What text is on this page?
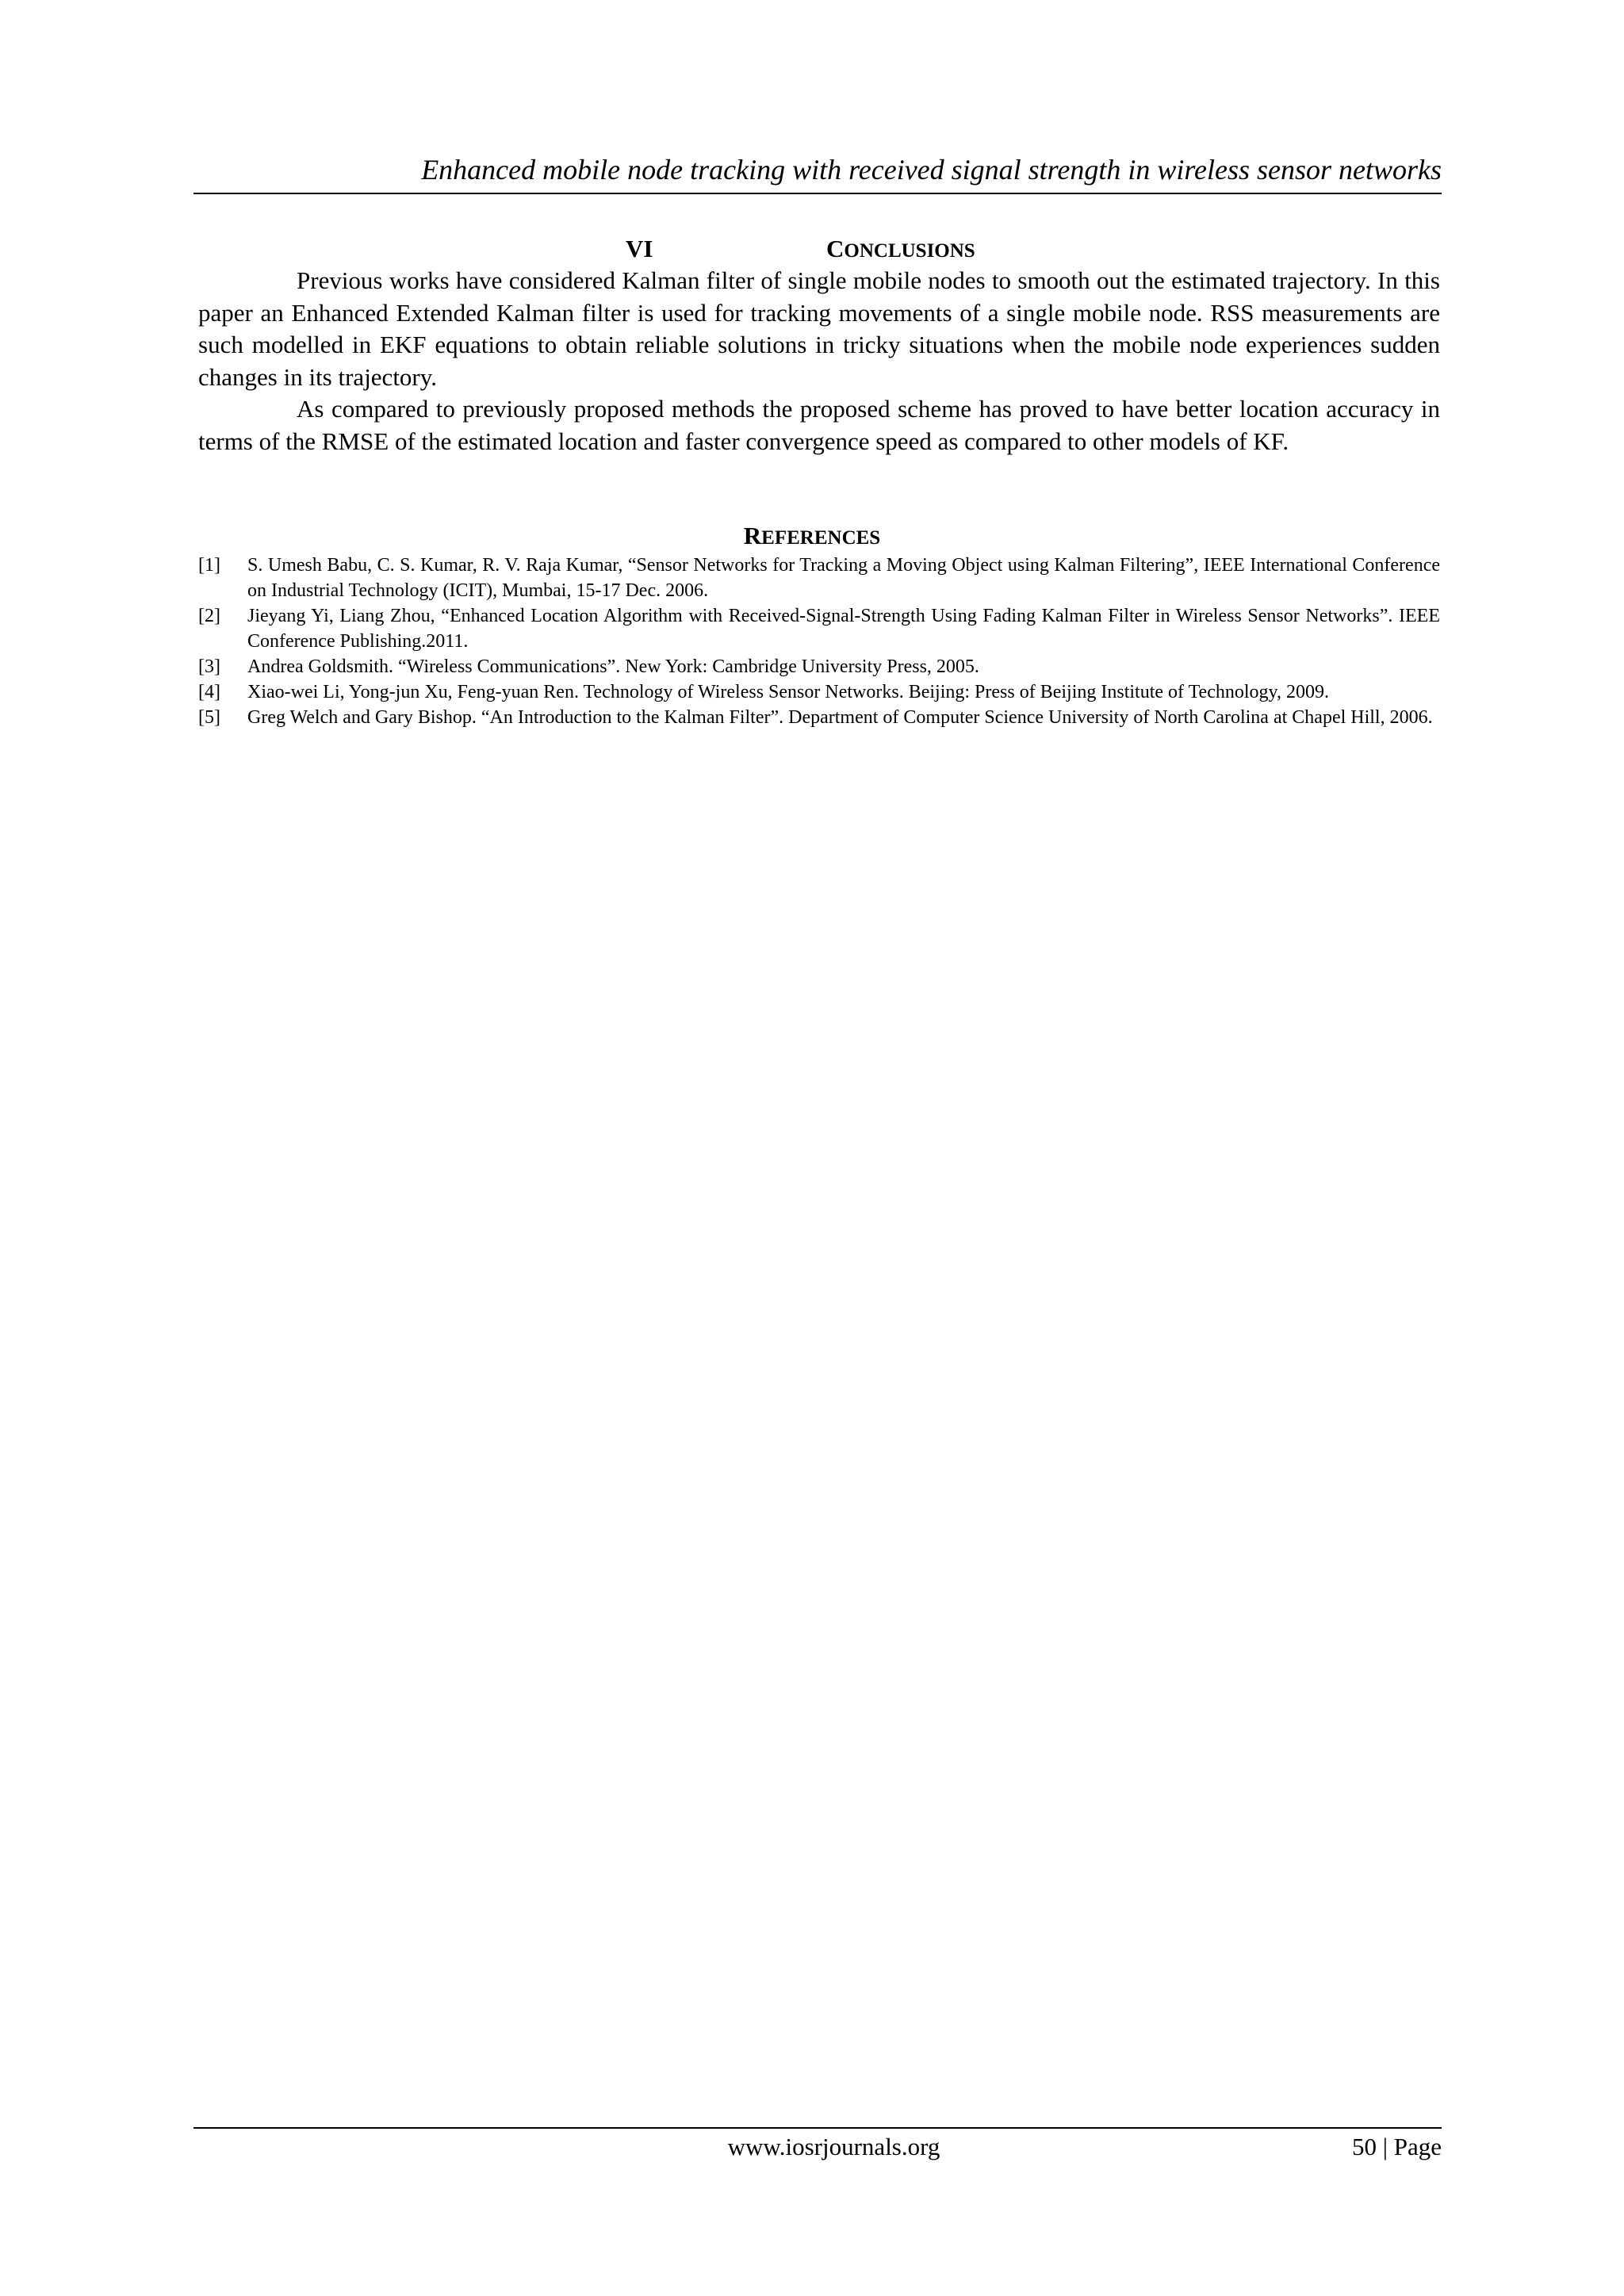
Enhanced mobile node tracking with received signal strength in wireless sensor networks
VI	CONCLUSIONS

Previous works have considered Kalman filter of single mobile nodes to smooth out the estimated trajectory. In this paper an Enhanced Extended Kalman filter is used for tracking movements of a single mobile node. RSS measurements are such modelled in EKF equations to obtain reliable solutions in tricky situations when the mobile node experiences sudden changes in its trajectory.

As compared to previously proposed methods the proposed scheme has proved to have better location accuracy in terms of the RMSE of the estimated location and faster convergence speed as compared to other models of KF.

REFERENCES
[1] S. Umesh Babu, C. S. Kumar, R. V. Raja Kumar, “Sensor Networks for Tracking a Moving Object using Kalman Filtering”, IEEE International Conference on Industrial Technology (ICIT), Mumbai, 15-17 Dec. 2006.
[2] Jieyang Yi, Liang Zhou, “Enhanced Location Algorithm with Received-Signal-Strength Using Fading Kalman Filter in Wireless Sensor Networks”. IEEE Conference Publishing.2011.
[3] Andrea Goldsmith. “Wireless Communications”. New York: Cambridge University Press, 2005.
[4] Xiao-wei Li, Yong-jun Xu, Feng-yuan Ren. Technology of Wireless Sensor Networks. Beijing: Press of Beijing Institute of Technology, 2009.
[5] Greg Welch and Gary Bishop. “An Introduction to the Kalman Filter”. Department of Computer Science University of North Carolina at Chapel Hill, 2006.
www.iosrjournals.org	50 | Page
